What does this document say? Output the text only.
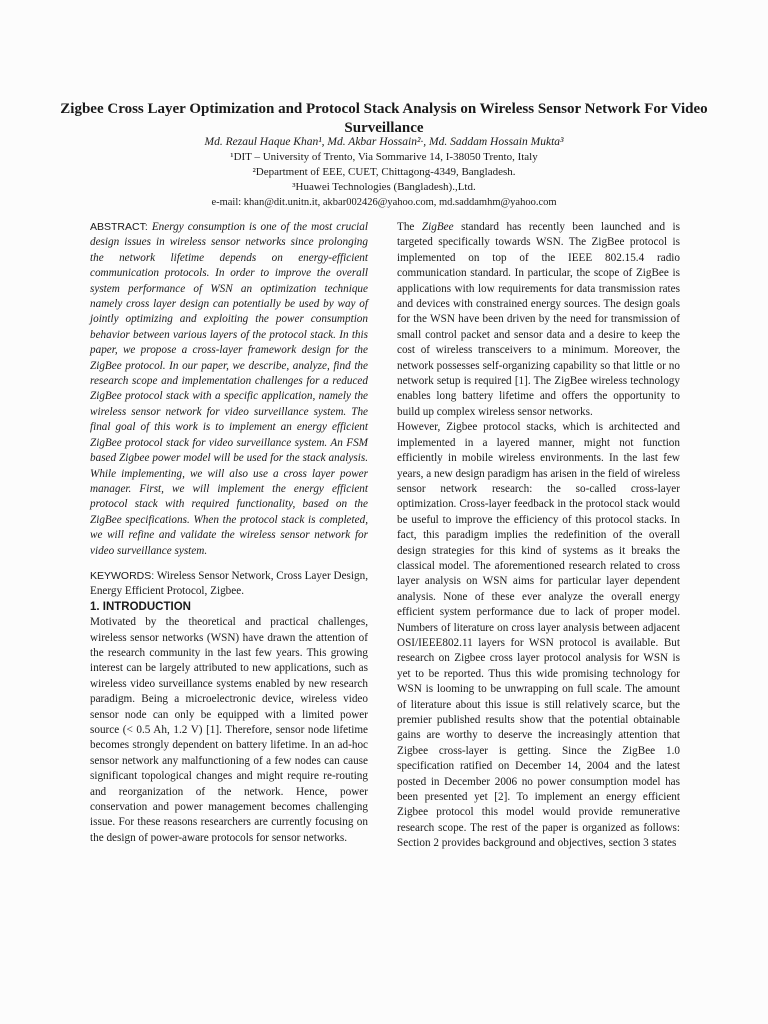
Zigbee Cross Layer Optimization and Protocol Stack Analysis on Wireless Sensor Network For Video Surveillance
Md. Rezaul Haque Khan¹, Md. Akbar Hossain²·, Md. Saddam Hossain Mukta³
¹DIT – University of Trento, Via Sommarive 14, I-38050 Trento, Italy
²Department of EEE, CUET, Chittagong-4349, Bangladesh.
³Huawei Technologies (Bangladesh).,Ltd.
e-mail: khan@dit.unitn.it, akbar002426@yahoo.com, md.saddamhm@yahoo.com

ABSTRACT: Energy consumption is one of the most crucial design issues in wireless sensor networks since prolonging the network lifetime depends on energy-efficient communication protocols. In order to improve the overall system performance of WSN an optimization technique namely cross layer design can potentially be used by way of jointly optimizing and exploiting the power consumption behavior between various layers of the protocol stack. In this paper, we propose a cross-layer framework design for the ZigBee protocol. In our paper, we describe, analyze, find the research scope and implementation challenges for a reduced ZigBee protocol stack with a specific application, namely the wireless sensor network for video surveillance system. The final goal of this work is to implement an energy efficient ZigBee protocol stack for video surveillance system. An FSM based Zigbee power model will be used for the stack analysis. While implementing, we will also use a cross layer power manager. First, we will implement the energy efficient protocol stack with required functionality, based on the ZigBee specifications. When the protocol stack is completed, we will refine and validate the wireless sensor network for video surveillance system.

KEYWORDS: Wireless Sensor Network, Cross Layer Design, Energy Efficient Protocol, Zigbee.

1. INTRODUCTION

Motivated by the theoretical and practical challenges, wireless sensor networks (WSN) have drawn the attention of the research community in the last few years. This growing interest can be largely attributed to new applications, such as wireless video surveillance systems enabled by new research paradigm. Being a microelectronic device, wireless video sensor node can only be equipped with a limited power source (< 0.5 Ah, 1.2 V) [1]. Therefore, sensor node lifetime becomes strongly dependent on battery lifetime. In an ad-hoc sensor network any malfunctioning of a few nodes can cause significant topological changes and might require re-routing and reorganization of the network. Hence, power conservation and power management becomes challenging issue. For these reasons researchers are currently focusing on the design of power-aware protocols for sensor networks.

The ZigBee standard has recently been launched and is targeted specifically towards WSN. The ZigBee protocol is implemented on top of the IEEE 802.15.4 radio communication standard. In particular, the scope of ZigBee is applications with low requirements for data transmission rates and devices with constrained energy sources. The design goals for the WSN have been driven by the need for transmission of small control packet and sensor data and a desire to keep the cost of wireless transceivers to a minimum. Moreover, the network possesses self-organizing capability so that little or no network setup is required [1]. The ZigBee wireless technology enables long battery lifetime and offers the opportunity to build up complex wireless sensor networks.

However, Zigbee protocol stacks, which is architected and implemented in a layered manner, might not function efficiently in mobile wireless environments. In the last few years, a new design paradigm has arisen in the field of wireless sensor network research: the so-called cross-layer optimization. Cross-layer feedback in the protocol stack would be useful to improve the efficiency of this protocol stacks. In fact, this paradigm implies the redefinition of the overall design strategies for this kind of systems as it breaks the classical model. The aforementioned research related to cross layer analysis on WSN aims for particular layer dependent analysis. None of these ever analyze the overall energy efficient system performance due to lack of proper model. Numbers of literature on cross layer analysis between adjacent OSI/IEEE802.11 layers for WSN protocol is available. But research on Zigbee cross layer protocol analysis for WSN is yet to be reported. Thus this wide promising technology for WSN is looming to be unwrapping on full scale. The amount of literature about this issue is still relatively scarce, but the premier published results show that the potential obtainable gains are worthy to deserve the increasingly attention that Zigbee cross-layer is getting. Since the ZigBee 1.0 specification ratified on December 14, 2004 and the latest posted in December 2006 no power consumption model has been presented yet [2]. To implement an energy efficient Zigbee protocol this model would provide remunerative research scope. The rest of the paper is organized as follows: Section 2 provides background and objectives, section 3 states
